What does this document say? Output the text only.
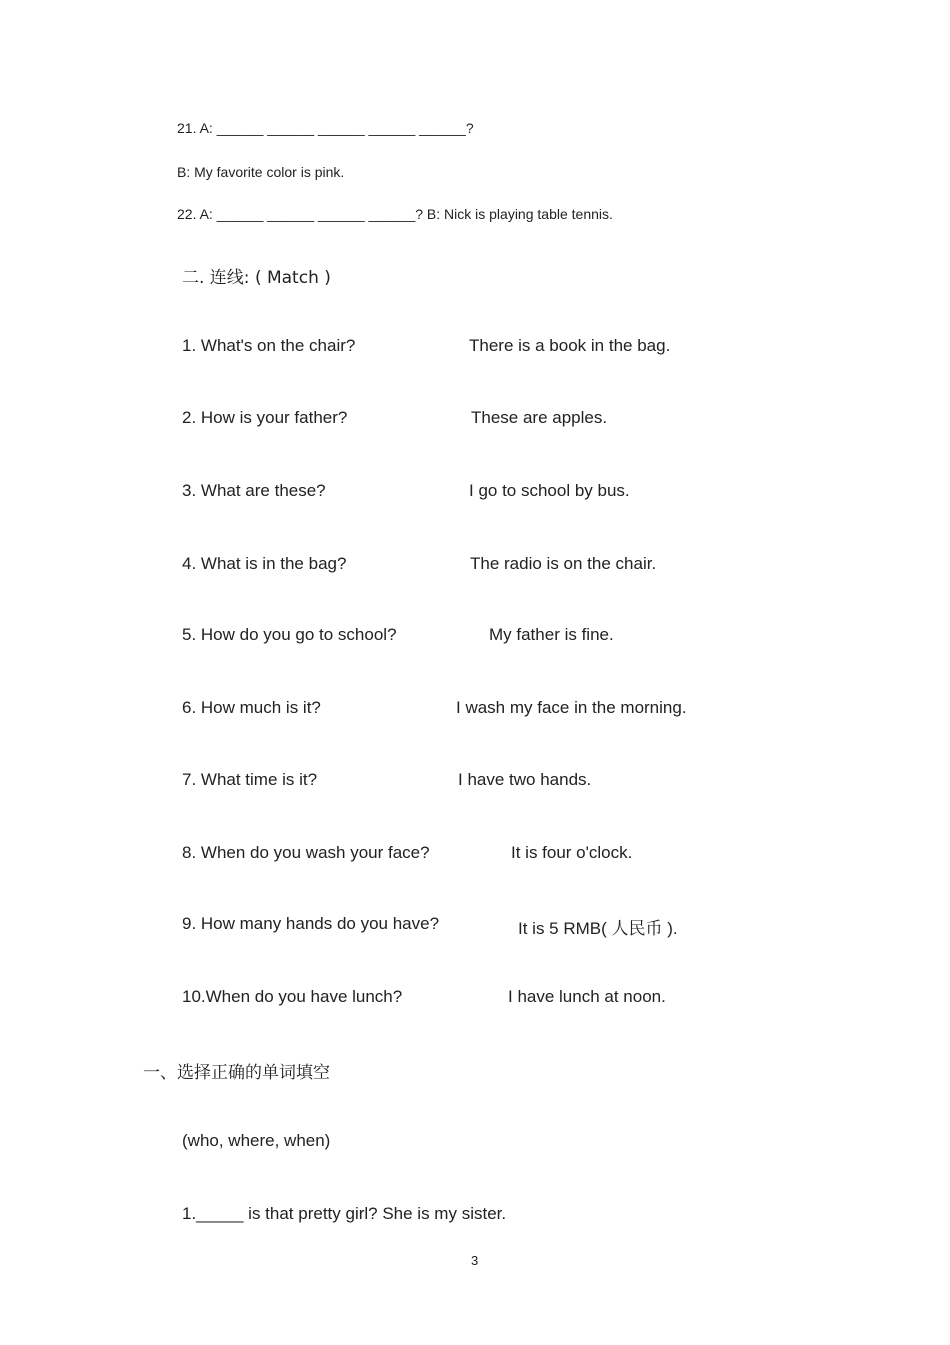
21. A: ______ ______ ______ ______ ______?
B: My favorite color is pink.
22. A: ______ ______ ______ ______? B: Nick is playing table tennis.
二. 连线: ( Match )
1. What's on the chair?
2. How is your father?
3. What are these?
4. What is in the bag?
5. How do you go to school?
6. How much is it?
7. What time is it?
8. When do you wash your face?
9. How many hands do you have?
10.When do you have lunch?
There is a book in the bag.
These are apples.
I go to school by bus.
The radio is on the chair.
My father is fine.
I wash my face in the morning.
I have two hands.
It is four o'clock.
It is 5 RMB( 人民币 ).
I have lunch at noon.
一、选择正确的单词填空
(who, where, when)
1._____ is that pretty girl? She is my sister.
3
